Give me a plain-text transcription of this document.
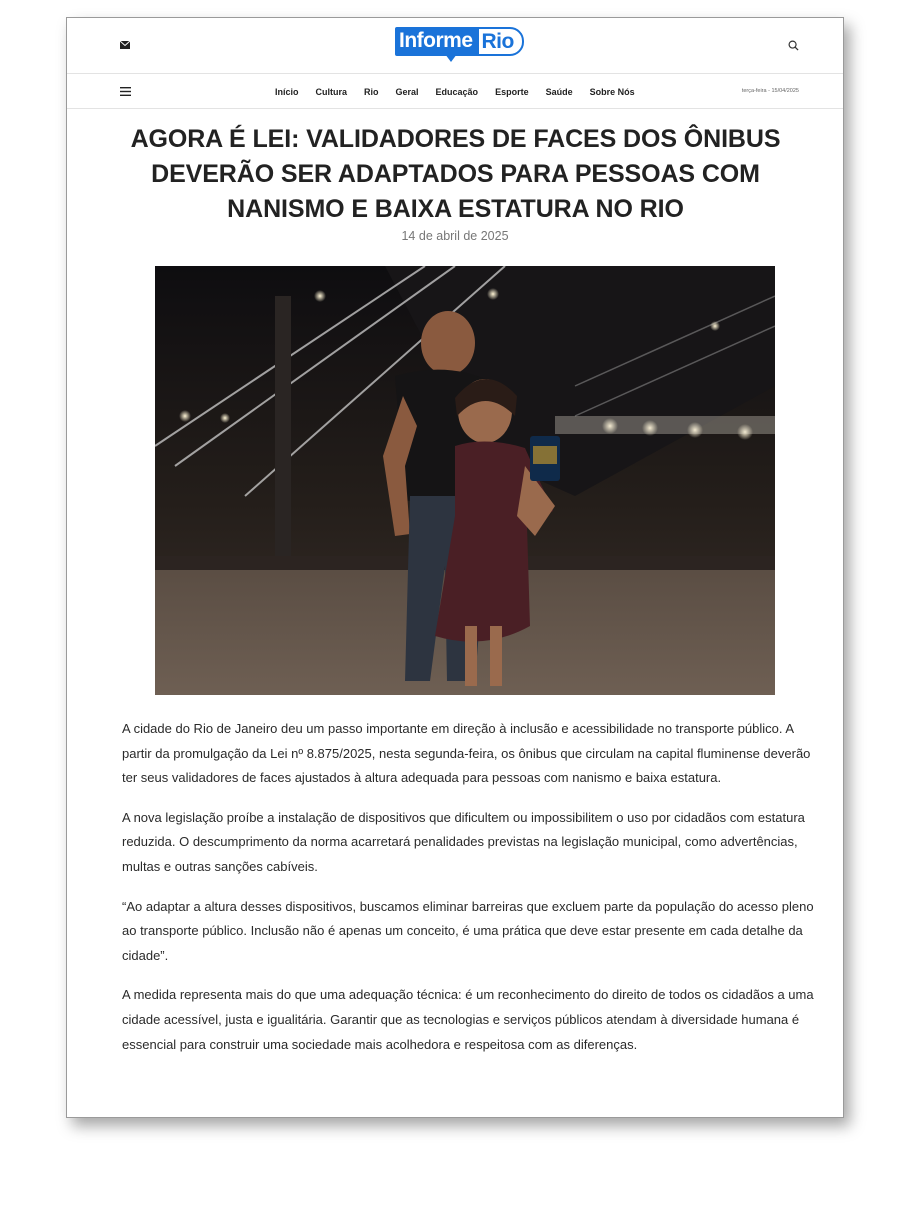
Informe Rio
Início Cultura Rio Geral Educação Esporte Saúde Sobre Nós	terça-feira - 15/04/2025
AGORA É LEI: VALIDADORES DE FACES DOS ÔNIBUS DEVERÃO SER ADAPTADOS PARA PESSOAS COM NANISMO E BAIXA ESTATURA NO RIO
14 de abril de 2025

A cidade do Rio de Janeiro deu um passo importante em direção à inclusão e acessibilidade no transporte público. A partir da promulgação da Lei nº 8.875/2025, nesta segunda-feira, os ônibus que circulam na capital fluminense deverão ter seus validadores de faces ajustados à altura adequada para pessoas com nanismo e baixa estatura.

A nova legislação proíbe a instalação de dispositivos que dificultem ou impossibilitem o uso por cidadãos com estatura reduzida. O descumprimento da norma acarretará penalidades previstas na legislação municipal, como advertências, multas e outras sanções cabíveis.

“Ao adaptar a altura desses dispositivos, buscamos eliminar barreiras que excluem parte da população do acesso pleno ao transporte público. Inclusão não é apenas um conceito, é uma prática que deve estar presente em cada detalhe da cidade”.

A medida representa mais do que uma adequação técnica: é um reconhecimento do direito de todos os cidadãos a uma cidade acessível, justa e igualitária. Garantir que as tecnologias e serviços públicos atendam à diversidade humana é essencial para construir uma sociedade mais acolhedora e respeitosa com as diferenças.
